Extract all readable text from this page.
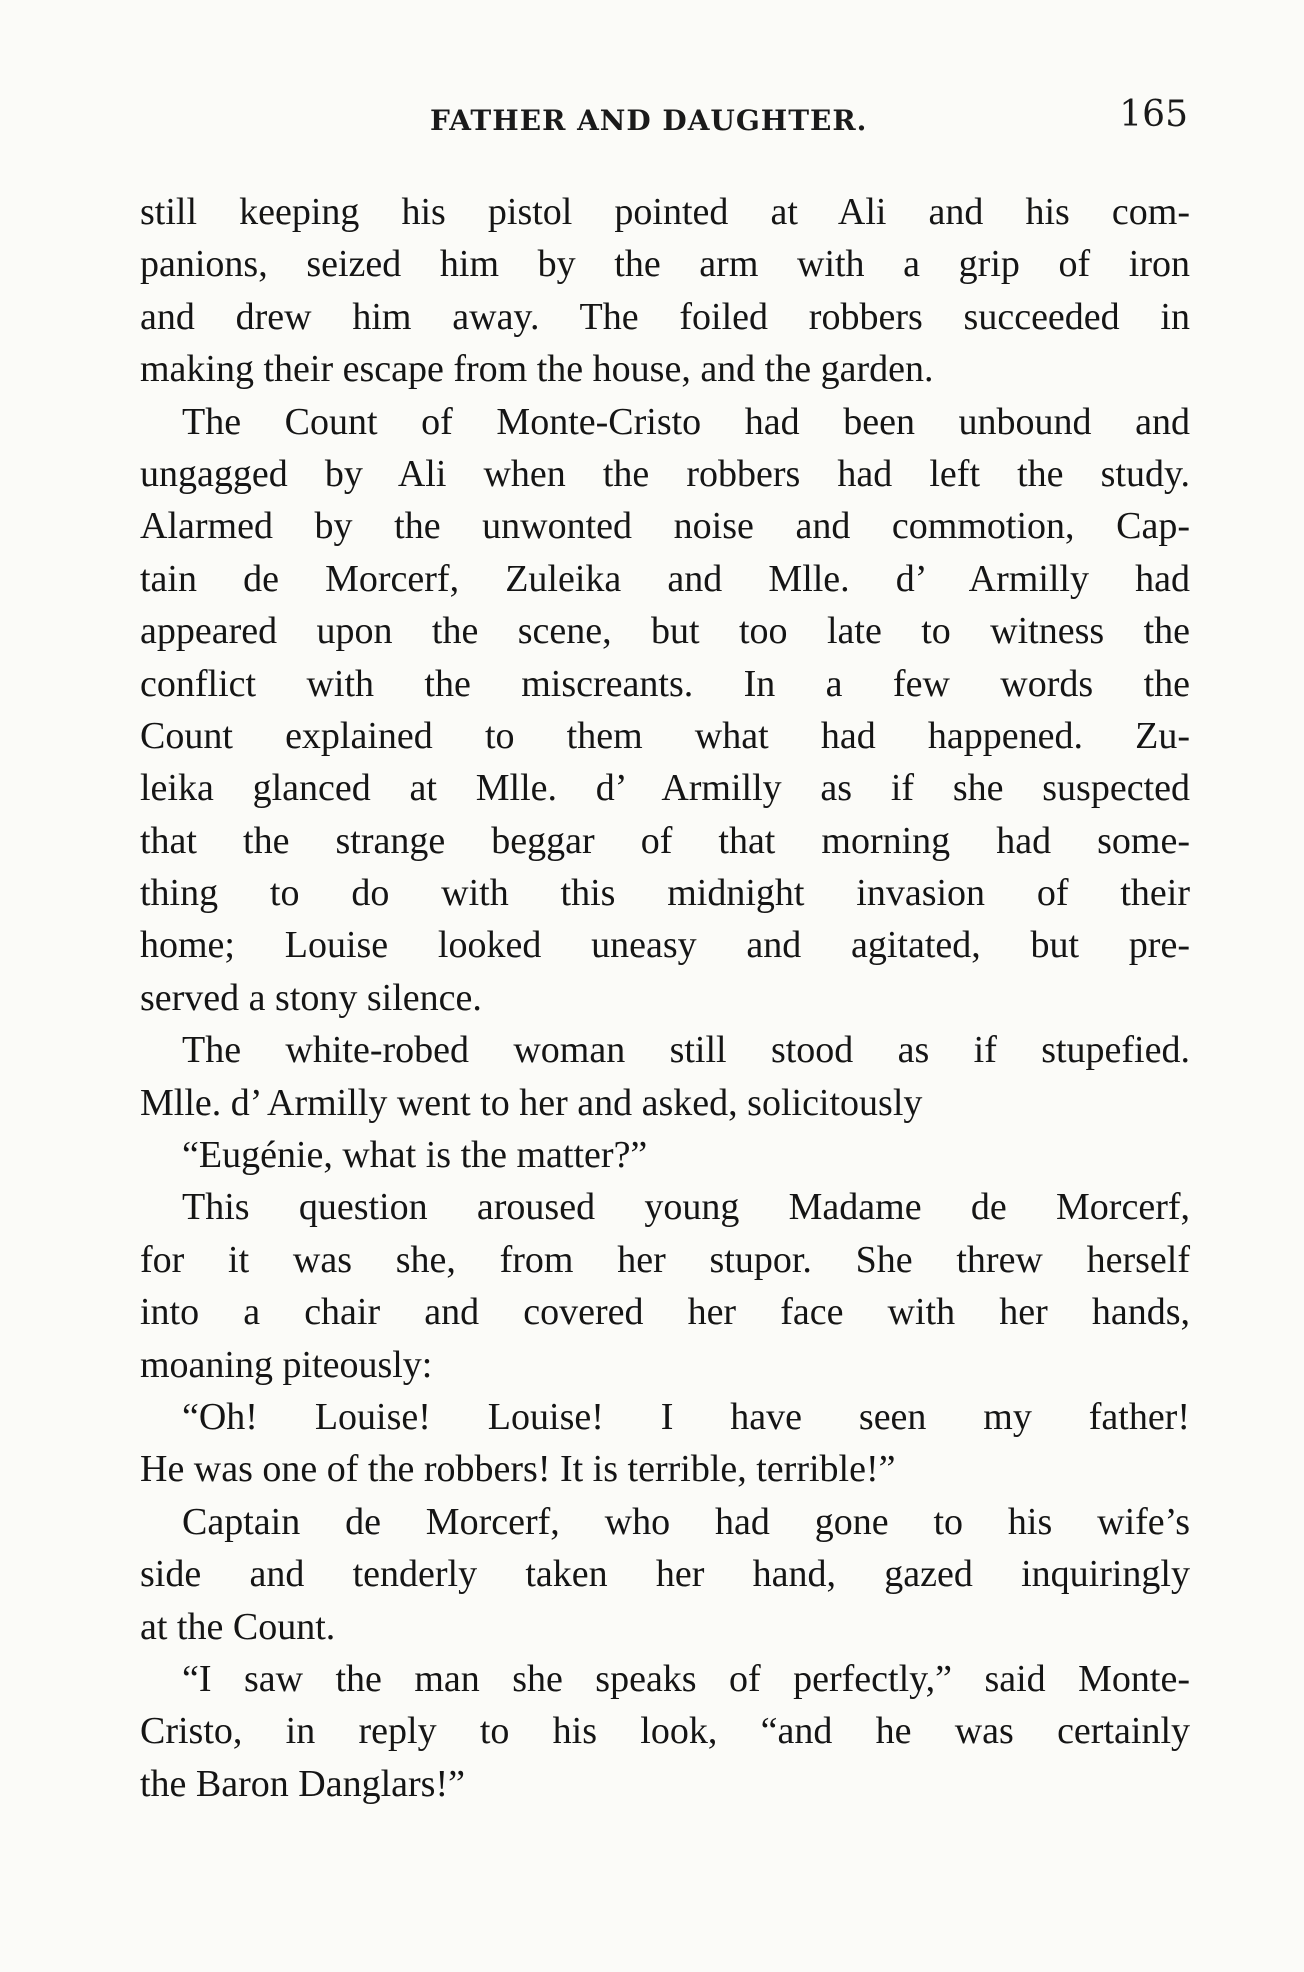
FATHER AND DAUGHTER.	165
still keeping his pistol pointed at Ali and his com-
panions, seized him by the arm with a grip of iron
and drew him away. The foiled robbers succeeded in
making their escape from the house, and the garden.
The Count of Monte-Cristo had been unbound and
ungagged by Ali when the robbers had left the study.
Alarmed by the unwonted noise and commotion, Cap-
tain de Morcerf, Zuleika and Mlle. d’ Armilly had
appeared upon the scene, but too late to witness the
conflict with the miscreants. In a few words the
Count explained to them what had happened. Zu-
leika glanced at Mlle. d’ Armilly as if she suspected
that the strange beggar of that morning had some-
thing to do with this midnight invasion of their
home; Louise looked uneasy and agitated, but pre-
served a stony silence.
The white-robed woman still stood as if stupefied.
Mlle. d’ Armilly went to her and asked, solicitously
“Eugénie, what is the matter?”
This question aroused young Madame de Morcerf,
for it was she, from her stupor. She threw herself
into a chair and covered her face with her hands,
moaning piteously:
“Oh! Louise! Louise! I have seen my father!
He was one of the robbers! It is terrible, terrible!”
Captain de Morcerf, who had gone to his wife’s
side and tenderly taken her hand, gazed inquiringly
at the Count.
“I saw the man she speaks of perfectly,” said Monte-
Cristo, in reply to his look, “and he was certainly
the Baron Danglars!”
